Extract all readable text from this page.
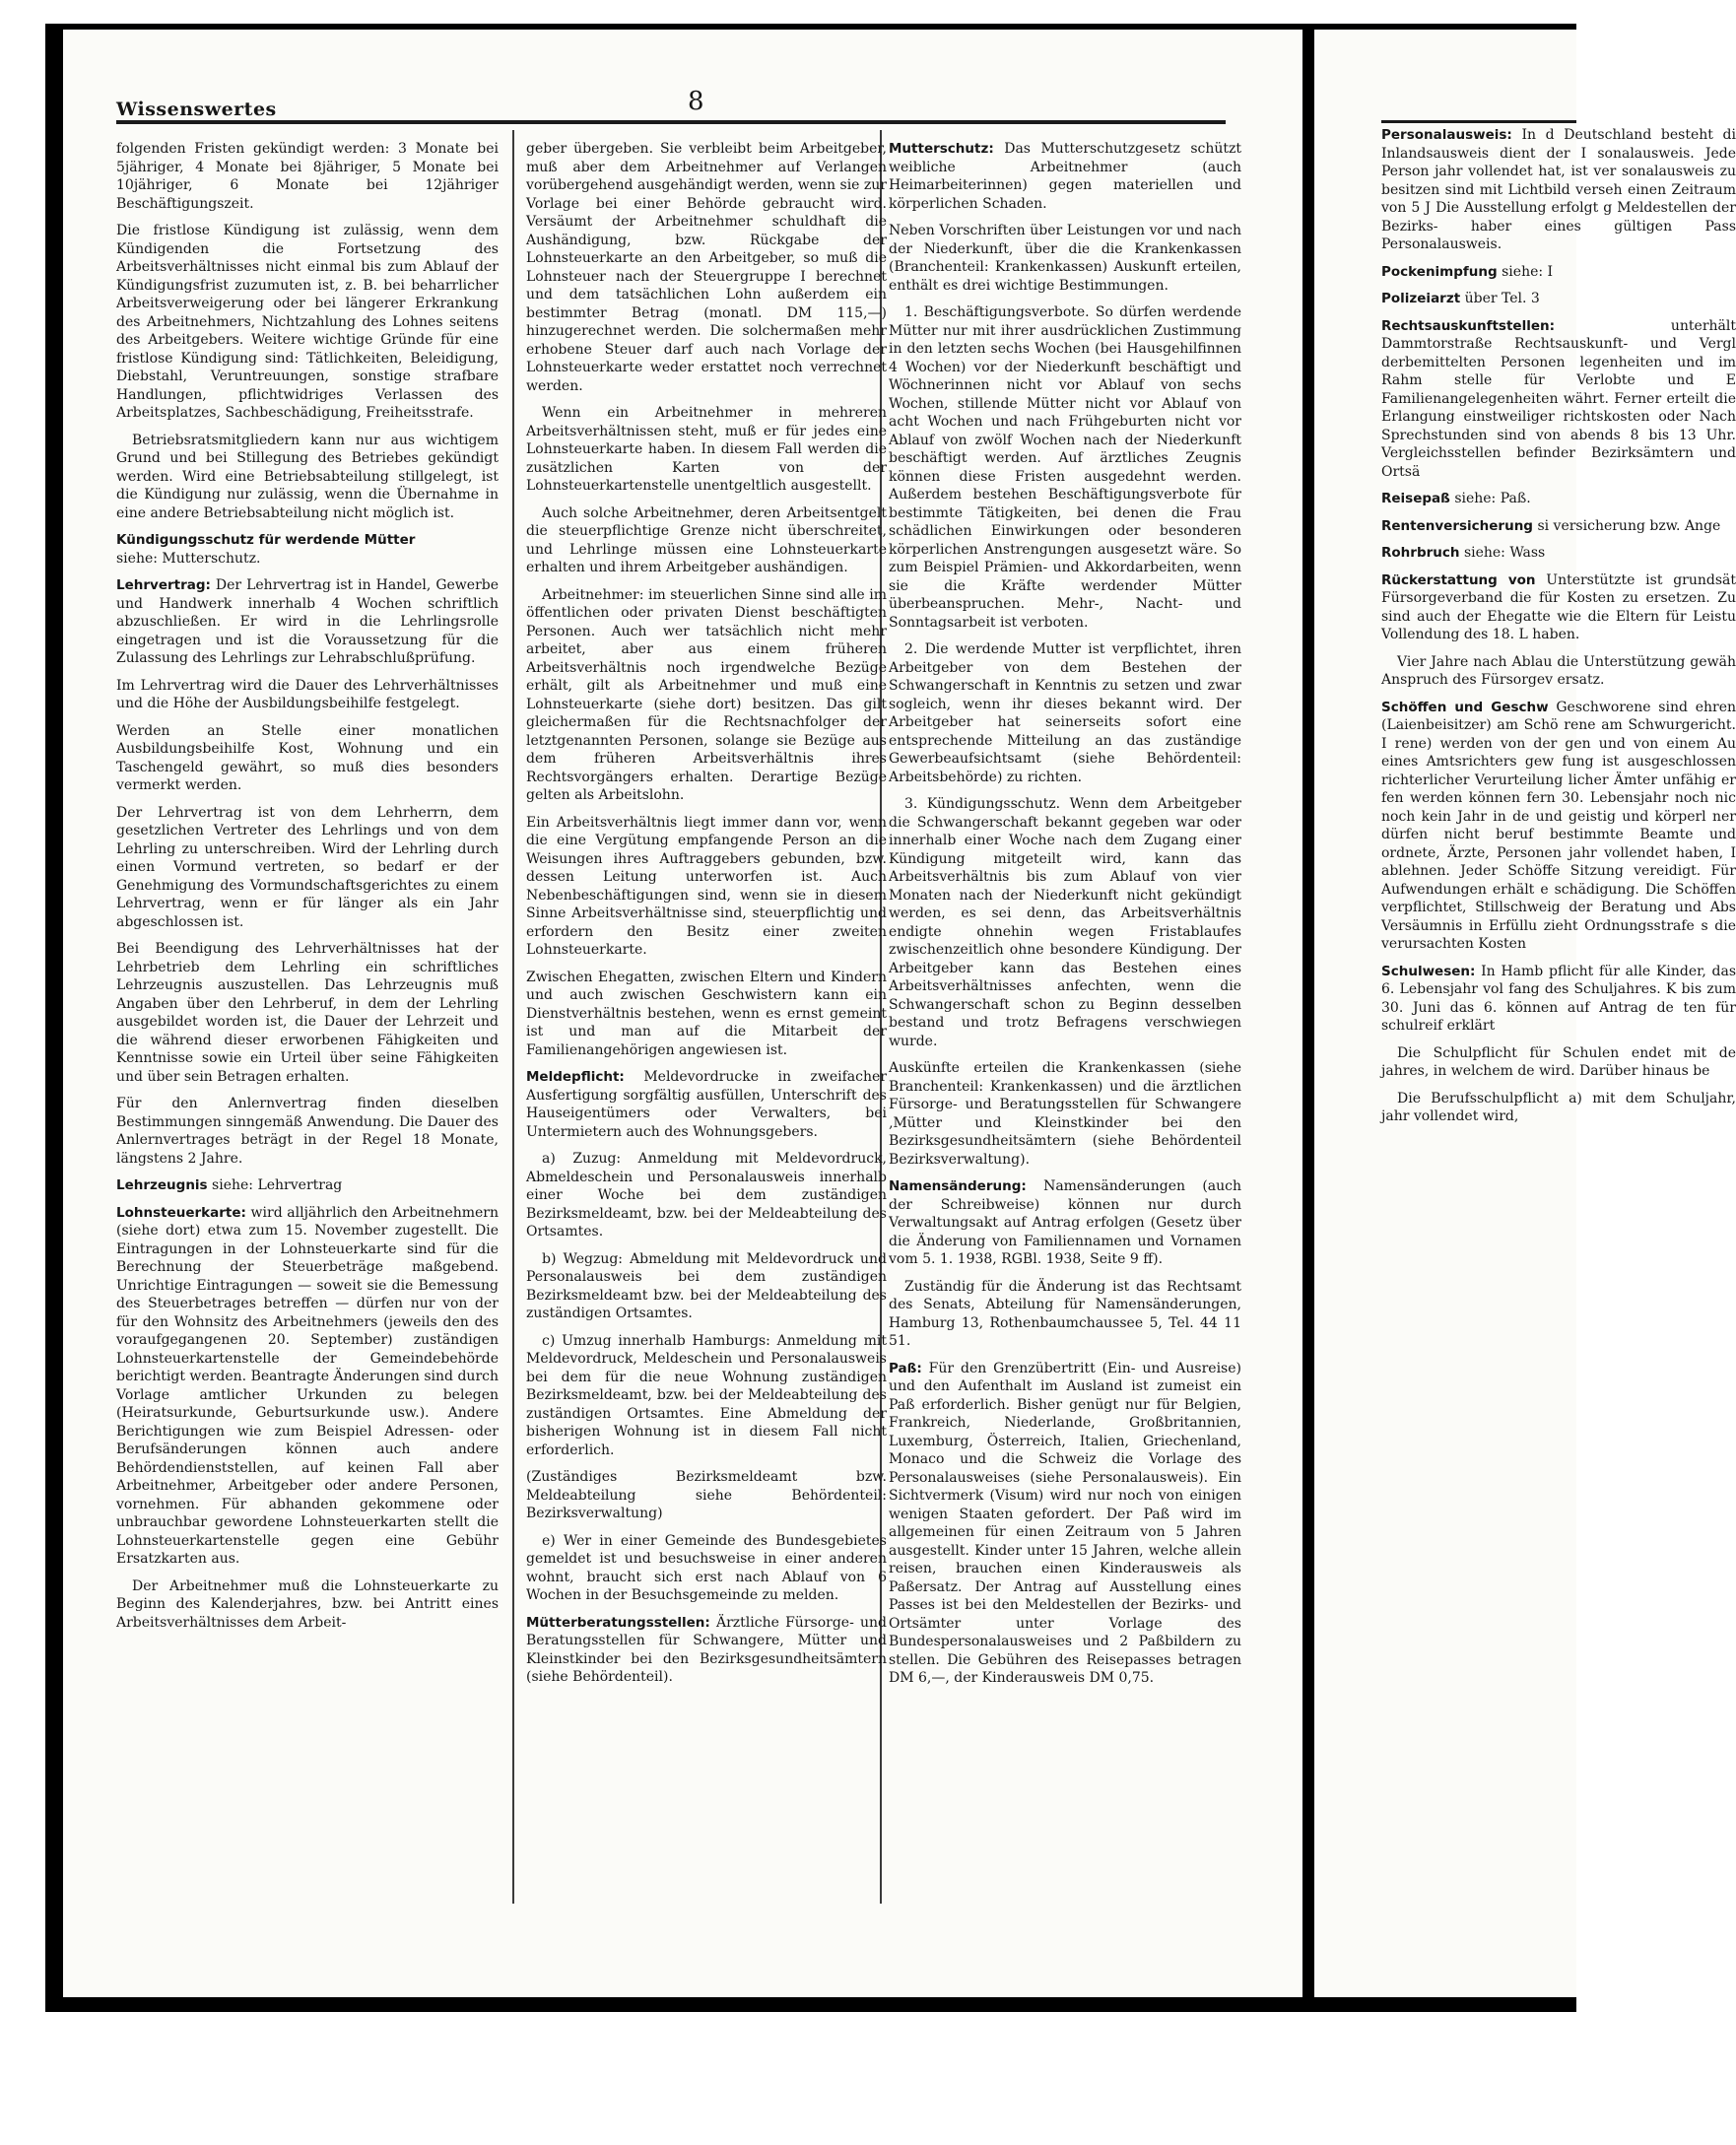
Wissenswertes	8

folgenden Fristen gekündigt werden: 3 Monate bei 5jähriger, 4 Monate bei 8jähriger, 5 Monate bei 10jähriger, 6 Monate bei 12jähriger Beschäftigungszeit.

Die fristlose Kündigung ist zulässig, wenn dem Kündigenden die Fortsetzung des Arbeitsverhältnisses nicht einmal bis zum Ablauf der Kündigungsfrist zuzumuten ist, z. B. bei beharrlicher Arbeitsverweigerung oder bei längerer Erkrankung des Arbeitnehmers, Nichtzahlung des Lohnes seitens des Arbeitgebers. Weitere wichtige Gründe für eine fristlose Kündigung sind: Tätlichkeiten, Beleidigung, Diebstahl, Veruntreuungen, sonstige strafbare Handlungen, pflichtwidriges Verlassen des Arbeitsplatzes, Sachbeschädigung, Freiheitsstrafe.

Betriebsratsmitgliedern kann nur aus wichtigem Grund und bei Stillegung des Betriebes gekündigt werden. Wird eine Betriebsabteilung stillgelegt, ist die Kündigung nur zulässig, wenn die Übernahme in eine andere Betriebsabteilung nicht möglich ist.

Kündigungsschutz für werdende Mütter
siehe: Mutterschutz.

Lehrvertrag: Der Lehrvertrag ist in Handel, Gewerbe und Handwerk innerhalb 4 Wochen schriftlich abzuschließen. Er wird in die Lehrlingsrolle eingetragen und ist die Voraussetzung für die Zulassung des Lehrlings zur Lehrabschlußprüfung.

Im Lehrvertrag wird die Dauer des Lehrverhältnisses und die Höhe der Ausbildungsbeihilfe festgelegt.

Werden an Stelle einer monatlichen Ausbildungsbeihilfe Kost, Wohnung und ein Taschengeld gewährt, so muß dies besonders vermerkt werden.

Der Lehrvertrag ist von dem Lehrherrn, dem gesetzlichen Vertreter des Lehrlings und von dem Lehrling zu unterschreiben. Wird der Lehrling durch einen Vormund vertreten, so bedarf er der Genehmigung des Vormundschaftsgerichtes zu einem Lehrvertrag, wenn er für länger als ein Jahr abgeschlossen ist.

Bei Beendigung des Lehrverhältnisses hat der Lehrbetrieb dem Lehrling ein schriftliches Lehrzeugnis auszustellen. Das Lehrzeugnis muß Angaben über den Lehrberuf, in dem der Lehrling ausgebildet worden ist, die Dauer der Lehrzeit und die während dieser erworbenen Fähigkeiten und Kenntnisse sowie ein Urteil über seine Fähigkeiten und über sein Betragen erhalten.

Für den Anlernvertrag finden dieselben Bestimmungen sinngemäß Anwendung. Die Dauer des Anlernvertrages beträgt in der Regel 18 Monate, längstens 2 Jahre.

Lehrzeugnis siehe: Lehrvertrag

Lohnsteuerkarte: wird alljährlich den Arbeitnehmern (siehe dort) etwa zum 15. November zugestellt. Die Eintragungen in der Lohnsteuerkarte sind für die Berechnung der Steuerbeträge maßgebend. Unrichtige Eintragungen — soweit sie die Bemessung des Steuerbetrages betreffen — dürfen nur von der für den Wohnsitz des Arbeitnehmers (jeweils den des voraufgegangenen 20. September) zuständigen Lohnsteuerkartenstelle der Gemeindebehörde berichtigt werden. Beantragte Änderungen sind durch Vorlage amtlicher Urkunden zu belegen (Heiratsurkunde, Geburtsurkunde usw.). Andere Berichtigungen wie zum Beispiel Adressen- oder Berufsänderungen können auch andere Behördendienststellen, auf keinen Fall aber Arbeitnehmer, Arbeitgeber oder andere Personen, vornehmen. Für abhanden gekommene oder unbrauchbar gewordene Lohnsteuerkarten stellt die Lohnsteuerkartenstelle gegen eine Gebühr Ersatzkarten aus.

Der Arbeitnehmer muß die Lohnsteuerkarte zu Beginn des Kalenderjahres, bzw. bei Antritt eines Arbeitsverhältnisses dem Arbeit-

geber übergeben. Sie verbleibt beim Arbeitgeber, muß aber dem Arbeitnehmer auf Verlangen vorübergehend ausgehändigt werden, wenn sie zur Vorlage bei einer Behörde gebraucht wird. Versäumt der Arbeitnehmer schuldhaft die Aushändigung, bzw. Rückgabe der Lohnsteuerkarte an den Arbeitgeber, so muß die Lohnsteuer nach der Steuergruppe I berechnet und dem tatsächlichen Lohn außerdem ein bestimmter Betrag (monatl. DM 115,—) hinzugerechnet werden. Die solchermaßen mehr erhobene Steuer darf auch nach Vorlage der Lohnsteuerkarte weder erstattet noch verrechnet werden.

Wenn ein Arbeitnehmer in mehreren Arbeitsverhältnissen steht, muß er für jedes eine Lohnsteuerkarte haben. In diesem Fall werden die zusätzlichen Karten von der Lohnsteuerkartenstelle unentgeltlich ausgestellt.

Auch solche Arbeitnehmer, deren Arbeitsentgelt die steuerpflichtige Grenze nicht überschreitet, und Lehrlinge müssen eine Lohnsteuerkarte erhalten und ihrem Arbeitgeber aushändigen.

Arbeitnehmer: im steuerlichen Sinne sind alle im öffentlichen oder privaten Dienst beschäftigten Personen. Auch wer tatsächlich nicht mehr arbeitet, aber aus einem früheren Arbeitsverhältnis noch irgendwelche Bezüge erhält, gilt als Arbeitnehmer und muß eine Lohnsteuerkarte (siehe dort) besitzen. Das gilt gleichermaßen für die Rechtsnachfolger der letztgenannten Personen, solange sie Bezüge aus dem früheren Arbeitsverhältnis ihres Rechtsvorgängers erhalten. Derartige Bezüge gelten als Arbeitslohn.

Ein Arbeitsverhältnis liegt immer dann vor, wenn die eine Vergütung empfangende Person an die Weisungen ihres Auftraggebers gebunden, bzw. dessen Leitung unterworfen ist. Auch Nebenbeschäftigungen sind, wenn sie in diesem Sinne Arbeitsverhältnisse sind, steuerpflichtig und erfordern den Besitz einer zweiten Lohnsteuerkarte.

Zwischen Ehegatten, zwischen Eltern und Kindern und auch zwischen Geschwistern kann ein Dienstverhältnis bestehen, wenn es ernst gemeint ist und man auf die Mitarbeit der Familienangehörigen angewiesen ist.

Meldepflicht: Meldevordrucke in zweifacher Ausfertigung sorgfältig ausfüllen, Unterschrift des Hauseigentümers oder Verwalters, bei Untermietern auch des Wohnungsgebers.

a) Zuzug: Anmeldung mit Meldevordruck, Abmeldeschein und Personalausweis innerhalb einer Woche bei dem zuständigen Bezirksmeldeamt, bzw. bei der Meldeabteilung des Ortsamtes.

b) Wegzug: Abmeldung mit Meldevordruck und Personalausweis bei dem zuständigen Bezirksmeldeamt bzw. bei der Meldeabteilung des zuständigen Ortsamtes.

c) Umzug innerhalb Hamburgs: Anmeldung mit Meldevordruck, Meldeschein und Personalausweis bei dem für die neue Wohnung zuständigen Bezirksmeldeamt, bzw. bei der Meldeabteilung des zuständigen Ortsamtes. Eine Abmeldung der bisherigen Wohnung ist in diesem Fall nicht erforderlich.

(Zuständiges Bezirksmeldeamt bzw. Meldeabteilung siehe Behördenteil: Bezirksverwaltung)

e) Wer in einer Gemeinde des Bundesgebietes gemeldet ist und besuchsweise in einer anderen wohnt, braucht sich erst nach Ablauf von 6 Wochen in der Besuchsgemeinde zu melden.

Mütterberatungsstellen: Ärztliche Fürsorge- und Beratungsstellen für Schwangere, Mütter und Kleinstkinder bei den Bezirksgesundheitsämtern (siehe Behördenteil).

Mutterschutz: Das Mutterschutzgesetz schützt weibliche Arbeitnehmer (auch Heimarbeiterinnen) gegen materiellen und körperlichen Schaden.

Neben Vorschriften über Leistungen vor und nach der Niederkunft, über die die Krankenkassen (Branchenteil: Krankenkassen) Auskunft erteilen, enthält es drei wichtige Bestimmungen.

1. Beschäftigungsverbote. So dürfen werdende Mütter nur mit ihrer ausdrücklichen Zustimmung in den letzten sechs Wochen (bei Hausgehilfinnen 4 Wochen) vor der Niederkunft beschäftigt und Wöchnerinnen nicht vor Ablauf von sechs Wochen, stillende Mütter nicht vor Ablauf von acht Wochen und nach Frühgeburten nicht vor Ablauf von zwölf Wochen nach der Niederkunft beschäftigt werden. Auf ärztliches Zeugnis können diese Fristen ausgedehnt werden. Außerdem bestehen Beschäftigungsverbote für bestimmte Tätigkeiten, bei denen die Frau schädlichen Einwirkungen oder besonderen körperlichen Anstrengungen ausgesetzt wäre. So zum Beispiel Prämien- und Akkordarbeiten, wenn sie die Kräfte werdender Mütter überbeanspruchen. Mehr-, Nacht- und Sonntagsarbeit ist verboten.

2. Die werdende Mutter ist verpflichtet, ihren Arbeitgeber von dem Bestehen der Schwangerschaft in Kenntnis zu setzen und zwar sogleich, wenn ihr dieses bekannt wird. Der Arbeitgeber hat seinerseits sofort eine entsprechende Mitteilung an das zuständige Gewerbeaufsichtsamt (siehe Behördenteil: Arbeitsbehörde) zu richten.

3. Kündigungsschutz. Wenn dem Arbeitgeber die Schwangerschaft bekannt gegeben war oder innerhalb einer Woche nach dem Zugang einer Kündigung mitgeteilt wird, kann das Arbeitsverhältnis bis zum Ablauf von vier Monaten nach der Niederkunft nicht gekündigt werden, es sei denn, das Arbeitsverhältnis endigte ohnehin wegen Fristablaufes zwischenzeitlich ohne besondere Kündigung. Der Arbeitgeber kann das Bestehen eines Arbeitsverhältnisses anfechten, wenn die Schwangerschaft schon zu Beginn desselben bestand und trotz Befragens verschwiegen wurde.

Auskünfte erteilen die Krankenkassen (siehe Branchenteil: Krankenkassen) und die ärztlichen Fürsorge- und Beratungsstellen für Schwangere ‚Mütter und Kleinstkinder bei den Bezirksgesundheitsämtern (siehe Behördenteil Bezirksverwaltung).

Namensänderung: Namensänderungen (auch der Schreibweise) können nur durch Verwaltungsakt auf Antrag erfolgen (Gesetz über die Änderung von Familiennamen und Vornamen vom 5. 1. 1938, RGBl. 1938, Seite 9 ff).

Zuständig für die Änderung ist das Rechtsamt des Senats, Abteilung für Namensänderungen, Hamburg 13, Rothenbaumchaussee 5, Tel. 44 11 51.

Paß: Für den Grenzübertritt (Ein- und Ausreise) und den Aufenthalt im Ausland ist zumeist ein Paß erforderlich. Bisher genügt nur für Belgien, Frankreich, Niederlande, Großbritannien, Luxemburg, Österreich, Italien, Griechenland, Monaco und die Schweiz die Vorlage des Personalausweises (siehe Personalausweis). Ein Sichtvermerk (Visum) wird nur noch von einigen wenigen Staaten gefordert. Der Paß wird im allgemeinen für einen Zeitraum von 5 Jahren ausgestellt. Kinder unter 15 Jahren, welche allein reisen, brauchen einen Kinderausweis als Paßersatz. Der Antrag auf Ausstellung eines Passes ist bei den Meldestellen der Bezirks- und Ortsämter unter Vorlage des Bundespersonalausweises und 2 Paßbildern zu stellen. Die Gebühren des Reisepasses betragen DM 6,—, der Kinderausweis DM 0,75.

Personalausweis: In d Deutschland besteht di Inlandsausweis dient der I sonalausweis. Jede Person jahr vollendet hat, ist ver sonalausweis zu besitzen sind mit Lichtbild verseh einen Zeitraum von 5 J Die Ausstellung erfolgt g Meldestellen der Bezirks- haber eines gültigen Pass Personalausweis.

Pockenimpfung siehe: I

Polizeiarzt über Tel. 3

Rechtsauskunftstellen:	unterhält Dammtorstraße Rechtsauskunft- und Vergl derbemittelten Personen legenheiten und im Rahm stelle für Verlobte und E Familienangelegenheiten währt. Ferner erteilt die Erlangung einstweiliger richtskosten oder Nach Sprechstunden sind von abends 8 bis 13 Uhr. Vergleichsstellen befinder Bezirksämtern und Ortsä

Reisepaß siehe: Paß.

Rentenversicherung si versicherung bzw. Ange

Rohrbruch siehe: Wass

Rückerstattung von Unterstützte ist grundsät Fürsorgeverband die für Kosten zu ersetzen. Zu sind auch der Ehegatte wie die Eltern für Leistu Vollendung des 18. L haben.

Vier Jahre nach Ablau die Unterstützung gewäh Anspruch des Fürsorgev ersatz.

Schöffen und Geschw Geschworene sind ehren (Laienbeisitzer) am Schö rene am Schwurgericht. I rene) werden von der gen und von einem Au eines Amtsrichters gew fung ist ausgeschlossen richterlicher Verurteilung licher Ämter unfähig er fen werden können fern 30. Lebensjahr noch nic noch kein Jahr in de und geistig und körperl ner dürfen nicht beruf bestimmte Beamte und ordnete, Ärzte, Personen jahr vollendet haben, I ablehnen. Jeder Schöffe Sitzung vereidigt. Für Aufwendungen erhält e schädigung. Die Schöffen verpflichtet, Stillschweig der Beratung und Abs Versäumnis in Erfüllu zieht Ordnungsstrafe s die verursachten Kosten

Schulwesen: In Hamb pflicht für alle Kinder, das 6. Lebensjahr vol fang des Schuljahres. K bis zum 30. Juni das 6. können auf Antrag de ten für schulreif erklärt

Die Schulpflicht für Schulen endet mit de jahres, in welchem de wird. Darüber hinaus be

Die Berufsschulpflicht a) mit dem Schuljahr, jahr vollendet wird,
